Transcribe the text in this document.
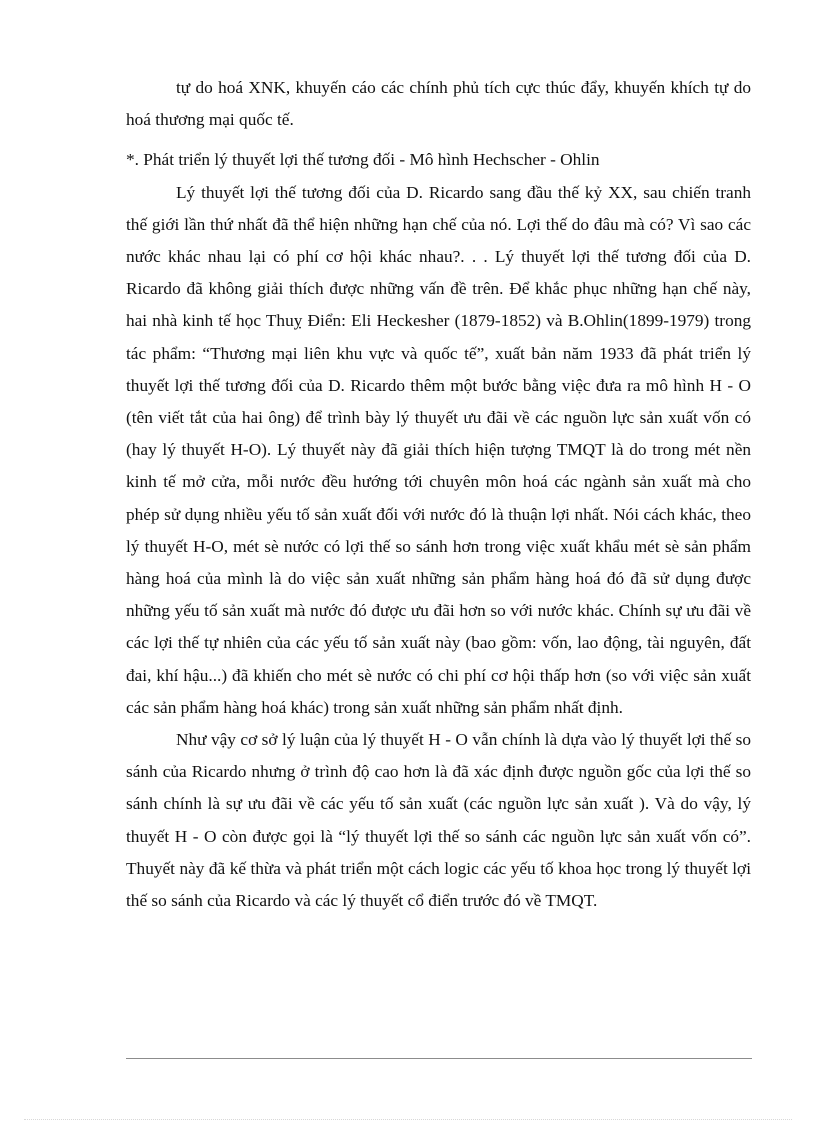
tự do hoá XNK, khuyến cáo các chính phủ tích cực thúc đẩy, khuyến khích tự do hoá thương mại quốc tế.

*. Phát triển lý thuyết lợi thế tương đối - Mô hình Hechscher - Ohlin

Lý thuyết lợi thế tương đối của D. Ricardo sang đầu thế kỷ XX, sau chiến tranh thế giới lần thứ nhất đã thể hiện những hạn chế của nó. Lợi thế do đâu mà có? Vì sao các nước khác nhau lại có phí cơ hội khác nhau?. . . Lý thuyết lợi thế tương đối của D. Ricardo đã không giải thích được những vấn đề trên. Để khắc phục những hạn chế này, hai nhà kinh tế học Thuỵ Điển: Eli Heckesher (1879-1852) và B.Ohlin(1899-1979) trong tác phẩm: “Thương mại liên khu vực và quốc tế”, xuất bản năm 1933 đã phát triển lý thuyết lợi thế tương đối của D. Ricardo thêm một bước bằng việc đưa ra mô hình H - O (tên viết tắt của hai ông) để trình bày lý thuyết ưu đãi về các nguồn lực sản xuất vốn có (hay lý thuyết H-O). Lý thuyết này đã giải thích hiện tượng TMQT là do trong mét nền kinh tế mở cửa, mỗi nước đều hướng tới chuyên môn hoá các ngành sản xuất mà cho phép sử dụng nhiều yếu tố sản xuất đối với nước đó là thuận lợi nhất. Nói cách khác, theo lý thuyết H-O, mét sè nước có lợi thế so sánh hơn trong việc xuất khẩu mét sè sản phẩm hàng hoá của mình là do việc sản xuất những sản phẩm hàng hoá đó đã sử dụng được những yếu tố sản xuất mà nước đó được ưu đãi hơn so với nước khác. Chính sự ưu đãi về các lợi thế tự nhiên của các yếu tố sản xuất này (bao gồm: vốn, lao động, tài nguyên, đất đai, khí hậu...) đã khiến cho mét sè nước có chi phí cơ hội thấp hơn (so với việc sản xuất các sản phẩm hàng hoá khác) trong sản xuất những sản phẩm nhất định.

Như vậy cơ sở lý luận của lý thuyết H - O vẫn chính là dựa vào lý thuyết lợi thế so sánh của Ricardo nhưng ở trình độ cao hơn là đã xác định được nguồn gốc của lợi thế so sánh chính là sự ưu đãi về các yếu tố sản xuất (các nguồn lực sản xuất ). Và do vậy, lý thuyết H - O còn được gọi là “lý thuyết lợi thế so sánh các nguồn lực sản xuất vốn có”. Thuyết này đã kế thừa và phát triển một cách logic các yếu tố khoa học trong lý thuyết lợi thế so sánh của Ricardo và các lý thuyết cổ điển trước đó về TMQT.
